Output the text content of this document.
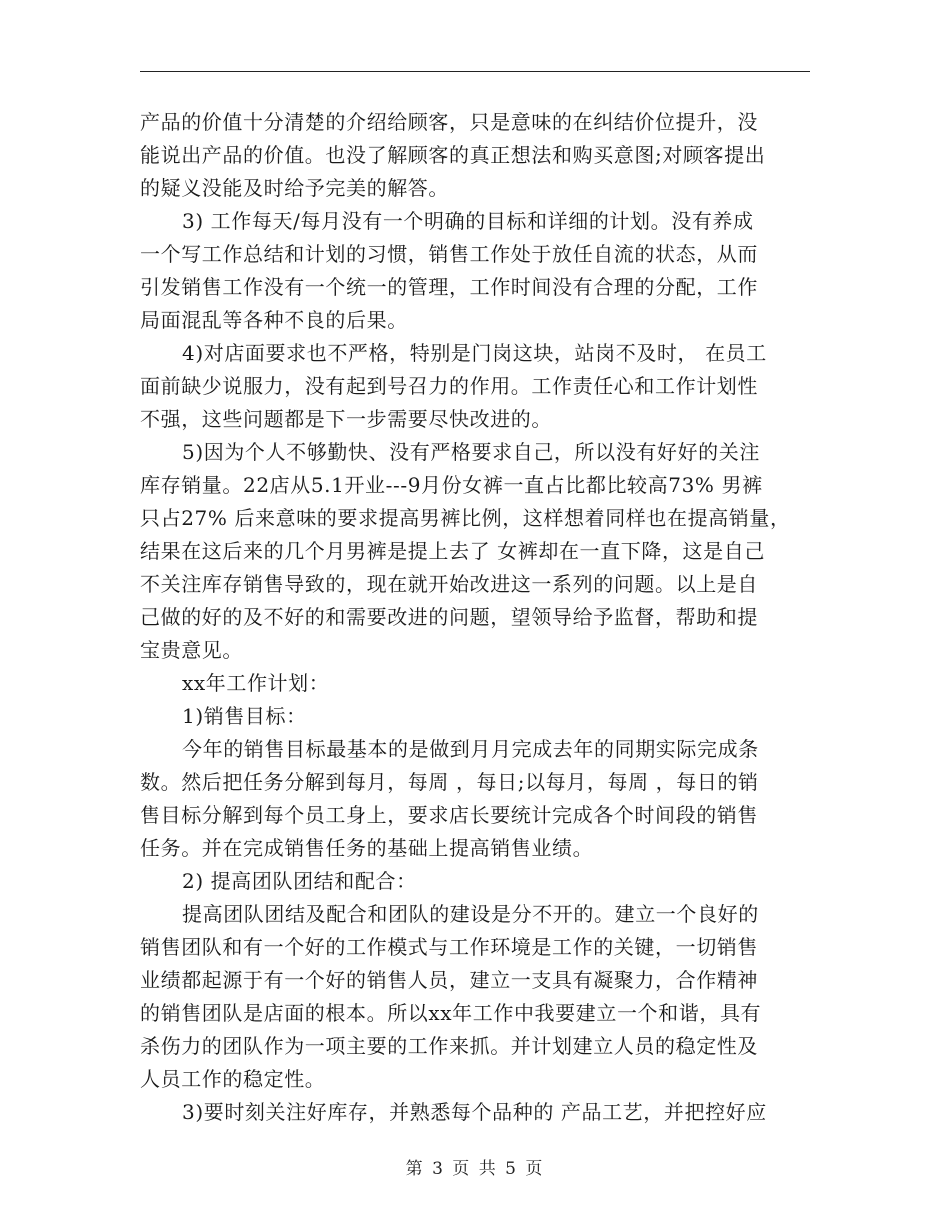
产品的价值十分清楚的介绍给顾客，只是意味的在纠结价位提升，没
能说出产品的价值。也没了解顾客的真正想法和购买意图;对顾客提出
的疑义没能及时给予完美的解答。
3) 工作每天/每月没有一个明确的目标和详细的计划。没有养成
一个写工作总结和计划的习惯，销售工作处于放任自流的状态，从而
引发销售工作没有一个统一的管理，工作时间没有合理的分配，工作
局面混乱等各种不良的后果。
4)对店面要求也不严格，特别是门岗这块，站岗不及时， 在员工
面前缺少说服力，没有起到号召力的作用。工作责任心和工作计划性
不强，这些问题都是下一步需要尽快改进的。
5)因为个人不够勤快、没有严格要求自己，所以没有好好的关注
库存销量。22店从5.1开业---9月份女裤一直占比都比较高73% 男裤
只占27% 后来意味的要求提高男裤比例，这样想着同样也在提高销量，
结果在这后来的几个月男裤是提上去了 女裤却在一直下降，这是自己
不关注库存销售导致的，现在就开始改进这一系列的问题。以上是自
己做的好的及不好的和需要改进的问题，望领导给予监督，帮助和提
宝贵意见。
xx年工作计划：
1)销售目标：
今年的销售目标最基本的是做到月月完成去年的同期实际完成条
数。然后把任务分解到每月，每周 ，每日;以每月，每周 ，每日的销
售目标分解到每个员工身上，要求店长要统计完成各个时间段的销售
任务。并在完成销售任务的基础上提高销售业绩。
2) 提高团队团结和配合：
提高团队团结及配合和团队的建设是分不开的。建立一个良好的
销售团队和有一个好的工作模式与工作环境是工作的关键，一切销售
业绩都起源于有一个好的销售人员，建立一支具有凝聚力，合作精神
的销售团队是店面的根本。所以xx年工作中我要建立一个和谐，具有
杀伤力的团队作为一项主要的工作来抓。并计划建立人员的稳定性及
人员工作的稳定性。
3)要时刻关注好库存，并熟悉每个品种的 产品工艺，并把控好应
第 3 页 共 5 页
